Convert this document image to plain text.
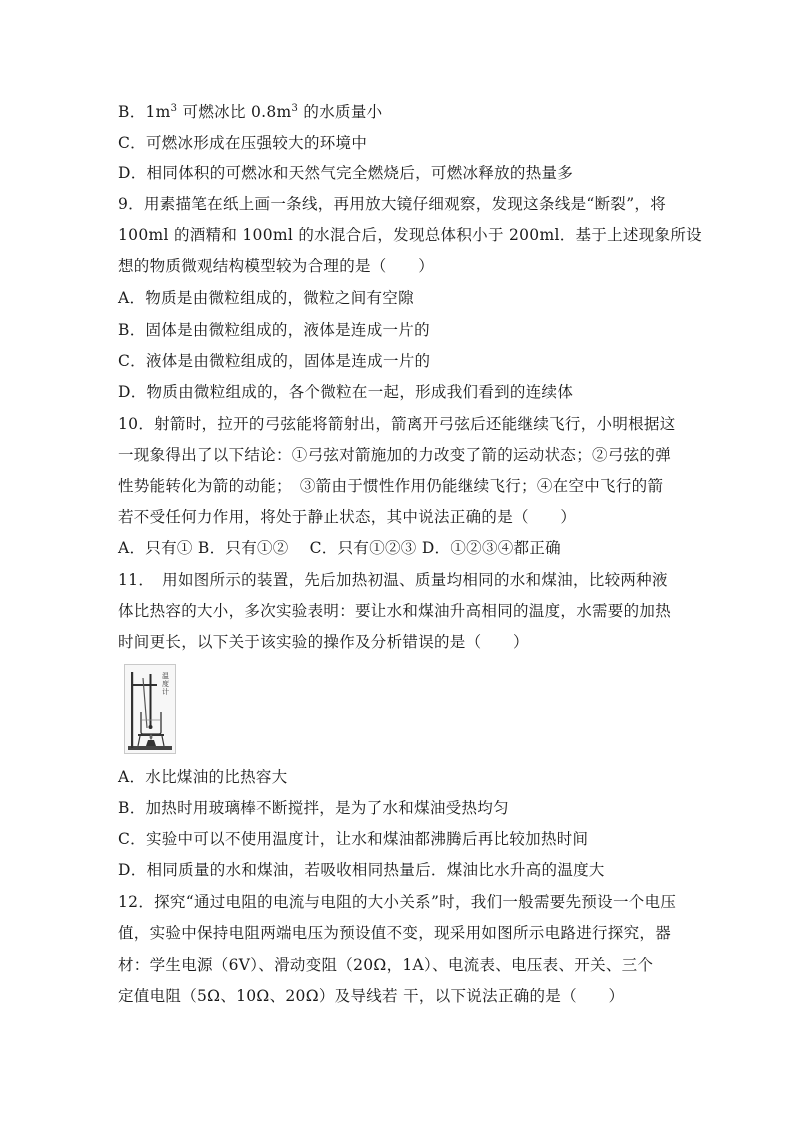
B．$1m^3$ 可燃冰比 $0.8m^3$ 的水质量小
C．可燃冰形成在压强较大的环境中
D．相同体积的可燃冰和天然气完全燃烧后，可燃冰释放的热量多
9．用素描笔在纸上画一条线，再用放大镜仔细观察，发现这条线是“断裂”，将
100ml 的酒精和 100ml 的水混合后，发现总体积小于 200ml．基于上述现象所设
想的物质微观结构模型较为合理的是（　　）
A．物质是由微粒组成的，微粒之间有空隙
B．固体是由微粒组成的，液体是连成一片的
C．液体是由微粒组成的，固体是连成一片的
D．物质由微粒组成的，各个微粒在一起，形成我们看到的连续体
10．射箭时，拉开的弓弦能将箭射出，箭离开弓弦后还能继续飞行，小明根据这
一现象得出了以下结论：①弓弦对箭施加的力改变了箭的运动状态；②弓弦的弹
性势能转化为箭的动能；　③箭由于惯性作用仍能继续飞行；④在空中飞行的箭
若不受任何力作用，将处于静止状态，其中说法正确的是（　　）
A．只有① B．只有①②　 C．只有①②③ D．①②③④都正确
11．　用如图所示的装置，先后加热初温、质量均相同的水和煤油，比较两种液
体比热容的大小，多次实验表明：要让水和煤油升高相同的温度，水需要的加热
时间更长，以下关于该实验的操作及分析错误的是（　　）
温度计
A．水比煤油的比热容大
B．加热时用玻璃棒不断搅拌，是为了水和煤油受热均匀
C．实验中可以不使用温度计，让水和煤油都沸腾后再比较加热时间
D．相同质量的水和煤油，若吸收相同热量后．煤油比水升高的温度大
12．探究“通过电阻的电流与电阻的大小关系”时，我们一般需要先预设一个电压
值，实验中保持电阻两端电压为预设值不变，现采用如图所示电路进行探究，器
材：学生电源（6V）、滑动变阻（20Ω，1A）、电流表、电压表、开关、三个
定值电阻（5Ω、10Ω、20Ω）及导线若 干，以下说法正确的是（　　）
